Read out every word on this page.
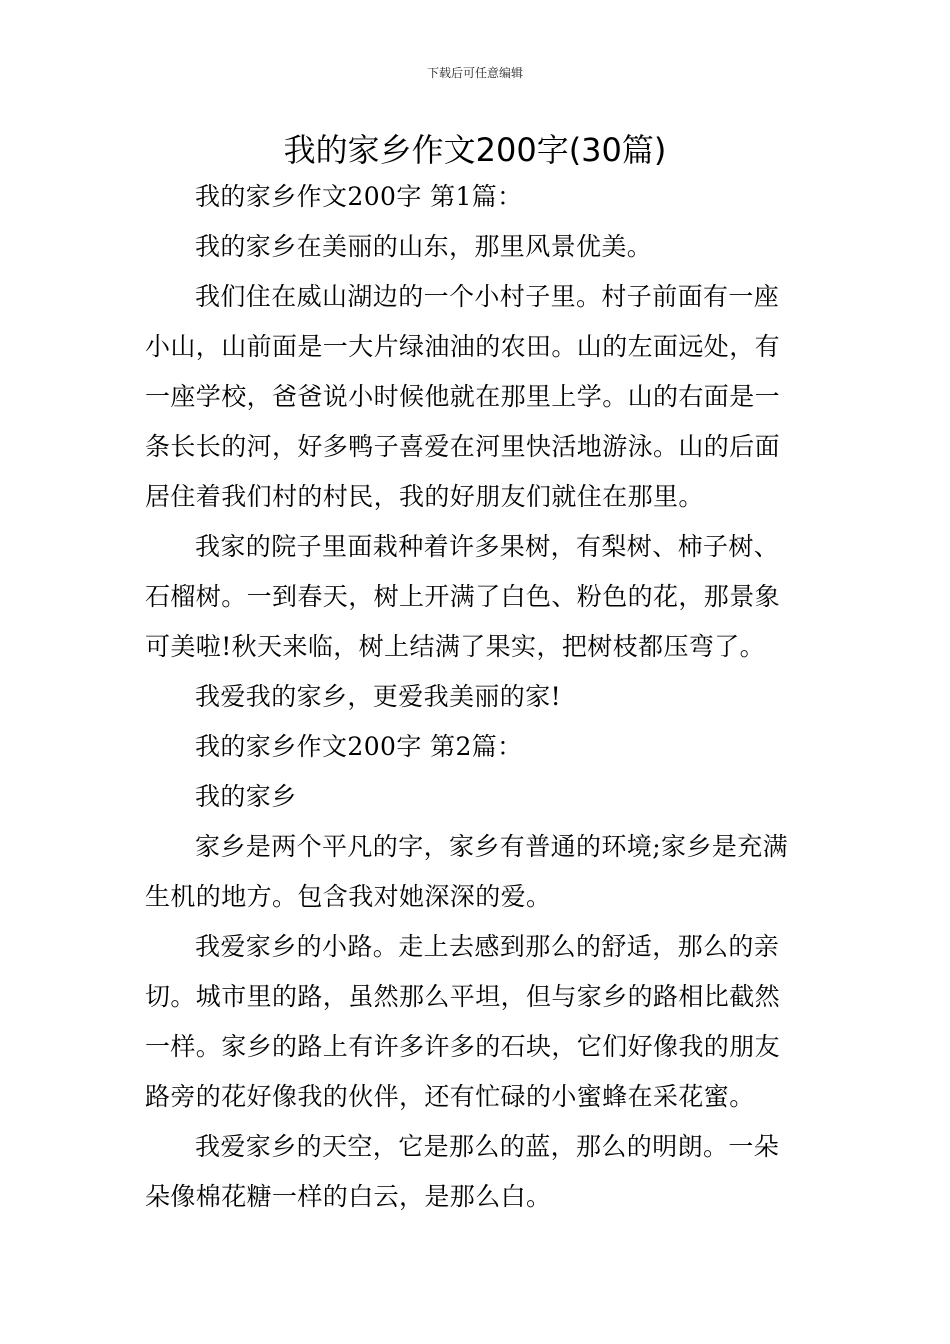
下载后可任意编辑
我的家乡作文200字(30篇)

我的家乡作文200字 第1篇：

我的家乡在美丽的山东，那里风景优美。

我们住在威山湖边的一个小村子里。村子前面有一座
小山，山前面是一大片绿油油的农田。山的左面远处，有
一座学校，爸爸说小时候他就在那里上学。山的右面是一
条长长的河，好多鸭子喜爱在河里快活地游泳。山的后面
居住着我们村的村民，我的好朋友们就住在那里。

我家的院子里面栽种着许多果树，有梨树、柿子树、
石榴树。一到春天，树上开满了白色、粉色的花，那景象
可美啦!秋天来临，树上结满了果实，把树枝都压弯了。

我爱我的家乡，更爱我美丽的家!

我的家乡作文200字 第2篇：

我的家乡

家乡是两个平凡的字，家乡有普通的环境;家乡是充满
生机的地方。包含我对她深深的爱。

我爱家乡的小路。走上去感到那么的舒适，那么的亲
切。城市里的路，虽然那么平坦，但与家乡的路相比截然
一样。家乡的路上有许多许多的石块，它们好像我的朋友
路旁的花好像我的伙伴，还有忙碌的小蜜蜂在采花蜜。

我爱家乡的天空，它是那么的蓝，那么的明朗。一朵
朵像棉花糖一样的白云，是那么白。
